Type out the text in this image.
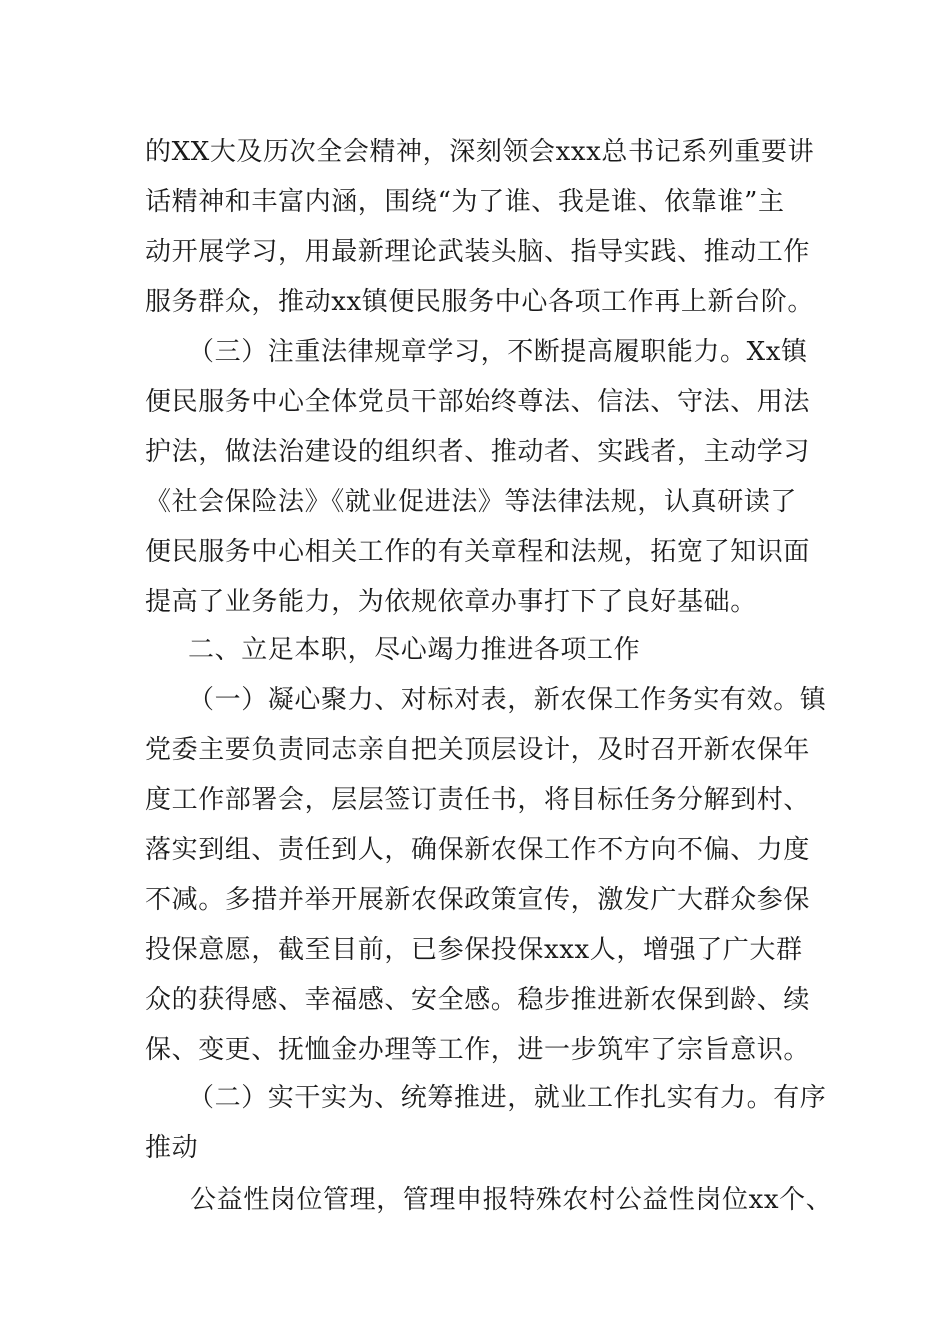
的XX大及历次全会精神，深刻领会xxx总书记系列重要讲
话精神和丰富内涵，围绕“为了谁、我是谁、依靠谁”主
动开展学习，用最新理论武装头脑、指导实践、推动工作
服务群众，推动xx镇便民服务中心各项工作再上新台阶。
（三）注重法律规章学习，不断提高履职能力。Xx镇
便民服务中心全体党员干部始终尊法、信法、守法、用法
护法，做法治建设的组织者、推动者、实践者，主动学习
《社会保险法》《就业促进法》等法律法规，认真研读了
便民服务中心相关工作的有关章程和法规，拓宽了知识面
提高了业务能力，为依规依章办事打下了良好基础。
二、立足本职，尽心竭力推进各项工作
（一）凝心聚力、对标对表，新农保工作务实有效。镇
党委主要负责同志亲自把关顶层设计，及时召开新农保年
度工作部署会，层层签订责任书，将目标任务分解到村、
落实到组、责任到人，确保新农保工作不方向不偏、力度
不减。多措并举开展新农保政策宣传，激发广大群众参保
投保意愿，截至目前，已参保投保xxx人，增强了广大群
众的获得感、幸福感、安全感。稳步推进新农保到龄、续
保、变更、抚恤金办理等工作，进一步筑牢了宗旨意识。
（二）实干实为、统筹推进，就业工作扎实有力。有序
推动
公益性岗位管理，管理申报特殊农村公益性岗位xx个、
